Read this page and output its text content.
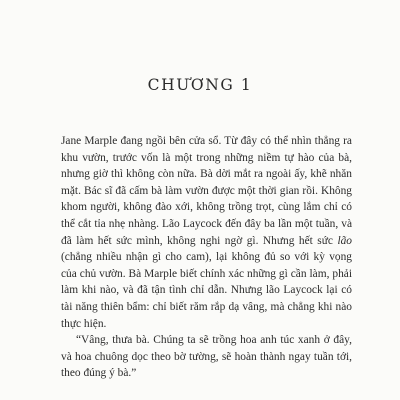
CHƯƠNG 1

Jane Marple đang ngồi bên cửa sổ. Từ đây có thể nhìn thẳng ra khu vườn, trước vốn là một trong những niềm tự hào của bà, nhưng giờ thì không còn nữa. Bà dời mắt ra ngoài ấy, khẽ nhăn mặt. Bác sĩ đã cấm bà làm vườn được một thời gian rồi. Không khom người, không đào xới, không trồng trọt, cùng lắm chỉ có thể cắt tỉa nhẹ nhàng. Lão Laycock đến đây ba lần một tuần, và đã làm hết sức mình, không nghi ngờ gì. Nhưng hết sức lão (chẳng nhiều nhận gì cho cam), lại không đủ so với kỳ vọng của chủ vườn. Bà Marple biết chính xác những gì cần làm, phải làm khi nào, và đã tận tình chỉ dẫn. Nhưng lão Laycock lại có tài năng thiên bẩm: chỉ biết răm rắp dạ vâng, mà chẳng khi nào thực hiện.

“Vâng, thưa bà. Chúng ta sẽ trồng hoa anh túc xanh ở đây, và hoa chuông dọc theo bờ tường, sẽ hoàn thành ngay tuần tới, theo đúng ý bà.”
